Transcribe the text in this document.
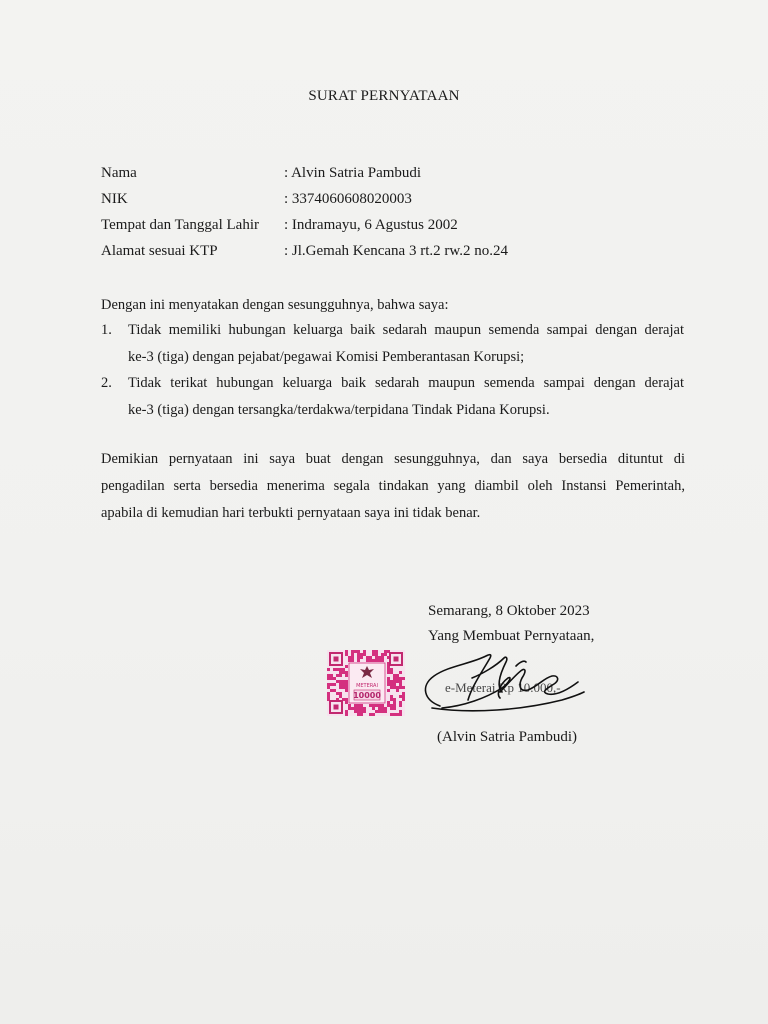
SURAT PERNYATAAN
Nama	: Alvin Satria Pambudi
NIK	: 3374060608020003
Tempat dan Tanggal Lahir : Indramayu, 6 Agustus 2002
Alamat sesuai KTP	: Jl.Gemah Kencana 3 rt.2 rw.2 no.24
Dengan ini menyatakan dengan sesungguhnya, bahwa saya:
1. Tidak memiliki hubungan keluarga baik sedarah maupun semenda sampai dengan derajat
ke-3 (tiga) dengan pejabat/pegawai Komisi Pemberantasan Korupsi;
2. Tidak terikat hubungan keluarga baik sedarah maupun semenda sampai dengan derajat
ke-3 (tiga) dengan tersangka/terdakwa/terpidana Tindak Pidana Korupsi.
Demikian pernyataan ini saya buat dengan sesungguhnya, dan saya bersedia dituntut di
pengadilan serta bersedia menerima segala tindakan yang diambil oleh Instansi Pemerintah,
apabila di kemudian hari terbukti pernyataan saya ini tidak benar.
Semarang, 8 Oktober 2023
Yang Membuat Pernyataan,
METERAI
10000
e-Meterai Rp 10.000,-
(Alvin Satria Pambudi)
